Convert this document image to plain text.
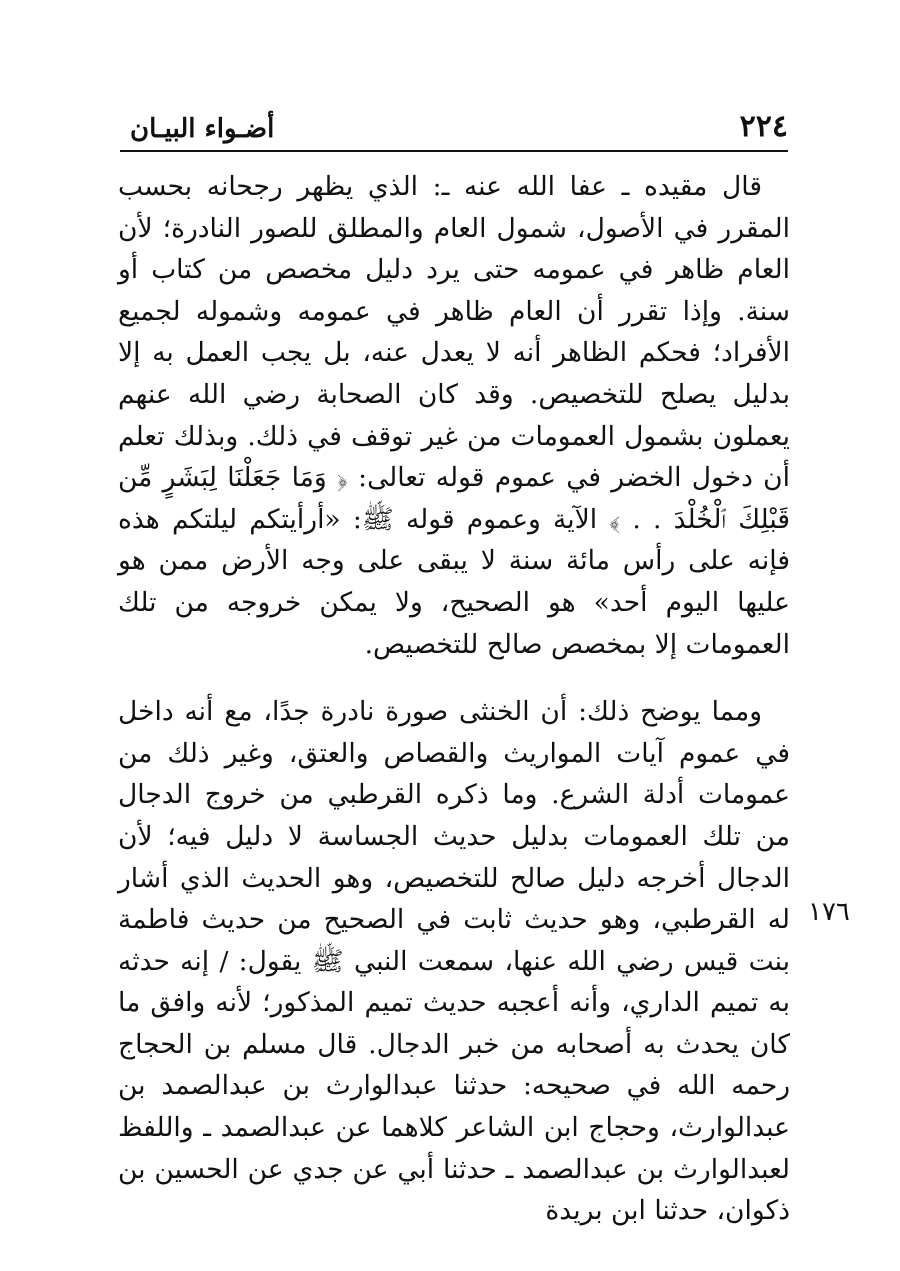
٢٢٤
أضـواء البيـان

قال مقيده ـ عفا الله عنه ـ: الذي يظهر رجحانه بحسب المقرر في الأصول، شمول العام والمطلق للصور النادرة؛ لأن العام ظاهر في عمومه حتى يرد دليل مخصص من كتاب أو سنة. وإذا تقرر أن العام ظاهر في عمومه وشموله لجميع الأفراد؛ فحكم الظاهر أنه لا يعدل عنه، بل يجب العمل به إلا بدليل يصلح للتخصيص. وقد كان الصحابة رضي الله عنهم يعملون بشمول العمومات من غير توقف في ذلك. وبذلك تعلم أن دخول الخضر في عموم قوله تعالى: ﴿ وَمَا جَعَلْنَا لِبَشَرٍ مِّن قَبْلِكَ ٱلْخُلْدَ . . ﴾ الآية وعموم قوله ﷺ: «أرأيتكم ليلتكم هذه فإنه على رأس مائة سنة لا يبقى على وجه الأرض ممن هو عليها اليوم أحد» هو الصحيح، ولا يمكن خروجه من تلك العمومات إلا بمخصص صالح للتخصيص.

ومما يوضح ذلك: أن الخنثى صورة نادرة جدًا، مع أنه داخل في عموم آيات المواريث والقصاص والعتق، وغير ذلك من عمومات أدلة الشرع. وما ذكره القرطبي من خروج الدجال من تلك العمومات بدليل حديث الجساسة لا دليل فيه؛ لأن الدجال أخرجه دليل صالح للتخصيص، وهو الحديث الذي أشار له القرطبي، وهو حديث ثابت في الصحيح من حديث فاطمة بنت قيس رضي الله عنها، سمعت النبي ﷺ يقول: / إنه حدثه به تميم الداري، وأنه أعجبه حديث تميم المذكور؛ لأنه وافق ما كان يحدث به أصحابه من خبر الدجال. قال مسلم بن الحجاج رحمه الله في صحيحه: حدثنا عبدالوارث بن عبدالصمد بن عبدالوارث، وحجاج ابن الشاعر كلاهما عن عبدالصمد ـ واللفظ لعبدالوارث بن عبدالصمد ـ حدثنا أبي عن جدي عن الحسين بن ذكوان، حدثنا ابن بريدة

١٧٦
